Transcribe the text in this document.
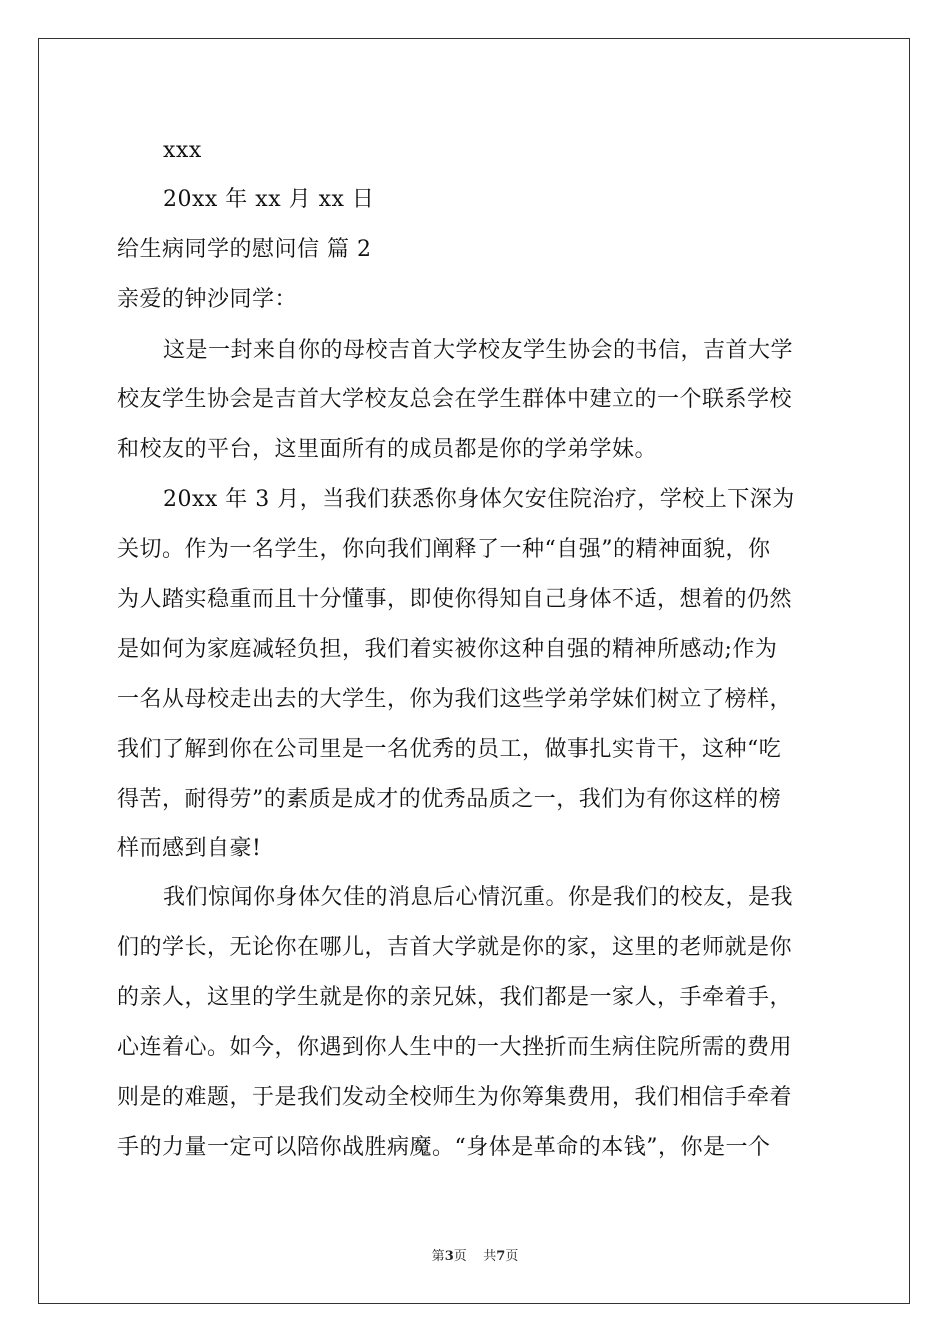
xxx
20xx 年 xx 月 xx 日
给生病同学的慰问信 篇 2
亲爱的钟沙同学：
这是一封来自你的母校吉首大学校友学生协会的书信，吉首大学
校友学生协会是吉首大学校友总会在学生群体中建立的一个联系学校
和校友的平台，这里面所有的成员都是你的学弟学妹。
20xx 年 3 月，当我们获悉你身体欠安住院治疗，学校上下深为
关切。作为一名学生，你向我们阐释了一种“自强”的精神面貌，你
为人踏实稳重而且十分懂事，即使你得知自己身体不适，想着的仍然
是如何为家庭减轻负担，我们着实被你这种自强的精神所感动;作为
一名从母校走出去的大学生，你为我们这些学弟学妹们树立了榜样，
我们了解到你在公司里是一名优秀的员工，做事扎实肯干，这种“吃
得苦，耐得劳”的素质是成才的优秀品质之一，我们为有你这样的榜
样而感到自豪!
我们惊闻你身体欠佳的消息后心情沉重。你是我们的校友，是我
们的学长，无论你在哪儿，吉首大学就是你的家，这里的老师就是你
的亲人，这里的学生就是你的亲兄妹，我们都是一家人，手牵着手，
心连着心。如今，你遇到你人生中的一大挫折而生病住院所需的费用
则是的难题，于是我们发动全校师生为你筹集费用，我们相信手牵着
手的力量一定可以陪你战胜病魔。“身体是革命的本钱”，你是一个
第3页    共7页
